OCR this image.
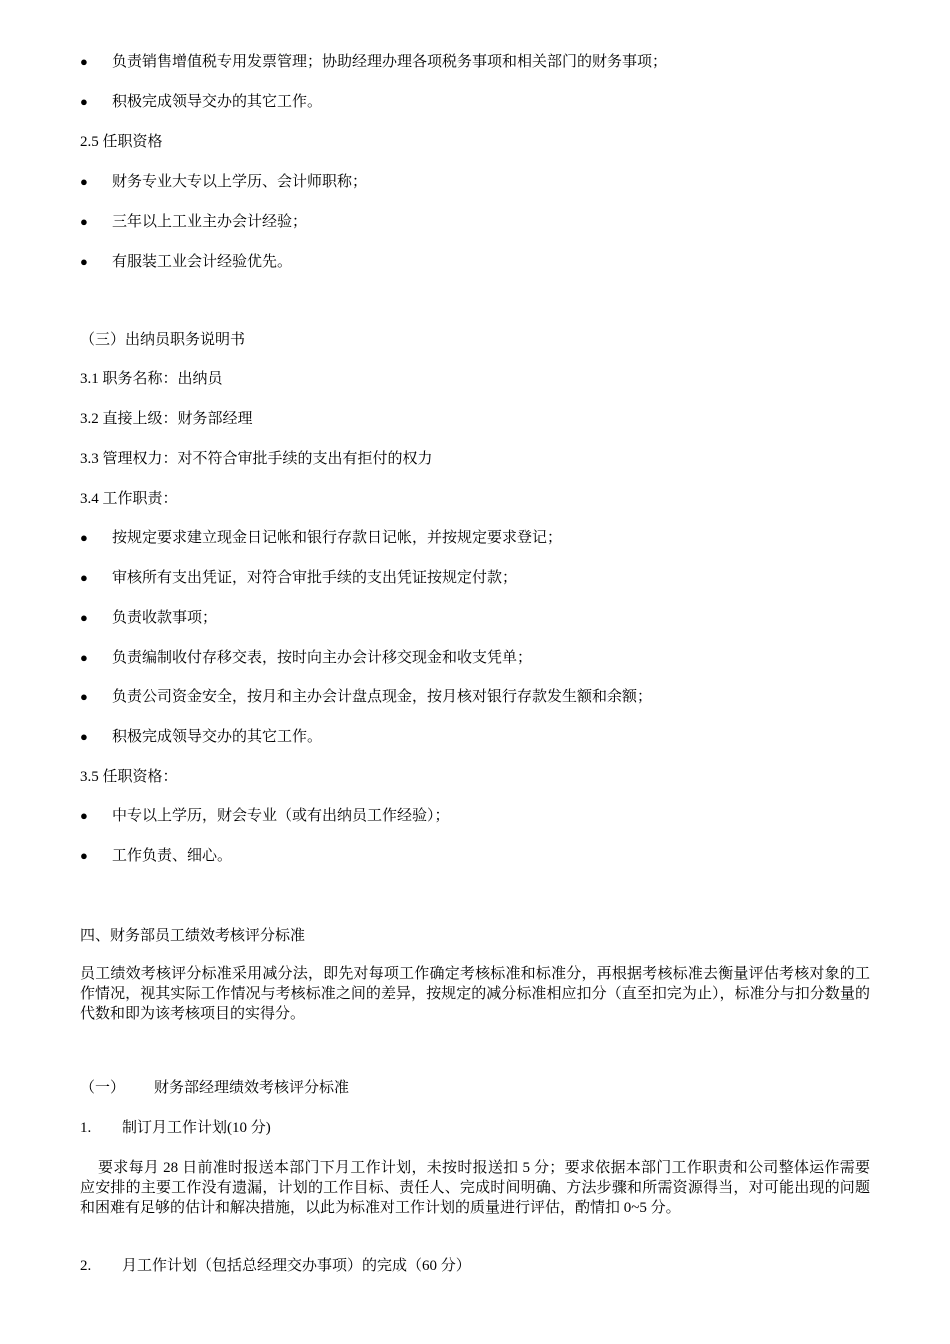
● 负责销售增值税专用发票管理；协助经理办理各项税务事项和相关部门的财务事项；
● 积极完成领导交办的其它工作。
2.5 任职资格
● 财务专业大专以上学历、会计师职称；
● 三年以上工业主办会计经验；
● 有服装工业会计经验优先。
（三）出纳员职务说明书
3.1 职务名称：出纳员
3.2 直接上级：财务部经理
3.3 管理权力：对不符合审批手续的支出有拒付的权力
3.4 工作职责：
● 按规定要求建立现金日记帐和银行存款日记帐，并按规定要求登记；
● 审核所有支出凭证，对符合审批手续的支出凭证按规定付款；
● 负责收款事项；
● 负责编制收付存移交表，按时向主办会计移交现金和收支凭单；
● 负责公司资金安全，按月和主办会计盘点现金，按月核对银行存款发生额和余额；
● 积极完成领导交办的其它工作。
3.5 任职资格：
● 中专以上学历，财会专业（或有出纳员工作经验）；
● 工作负责、细心。
四、财务部员工绩效考核评分标准
员工绩效考核评分标准采用减分法，即先对每项工作确定考核标准和标准分，再根据考核标准去衡量评估考核对象的工作情况，视其实际工作情况与考核标准之间的差异，按规定的减分标准相应扣分（直至扣完为止），标准分与扣分数量的代数和即为该考核项目的实得分。
（一） 财务部经理绩效考核评分标准
1. 制订月工作计划(10 分)
要求每月 28 日前准时报送本部门下月工作计划，未按时报送扣 5 分；要求依据本部门工作职责和公司整体运作需要应安排的主要工作没有遗漏，计划的工作目标、责任人、完成时间明确、方法步骤和所需资源得当，对可能出现的问题和困难有足够的估计和解决措施，以此为标准对工作计划的质量进行评估，酌情扣 0~5 分。
2. 月工作计划（包括总经理交办事项）的完成（60 分）
